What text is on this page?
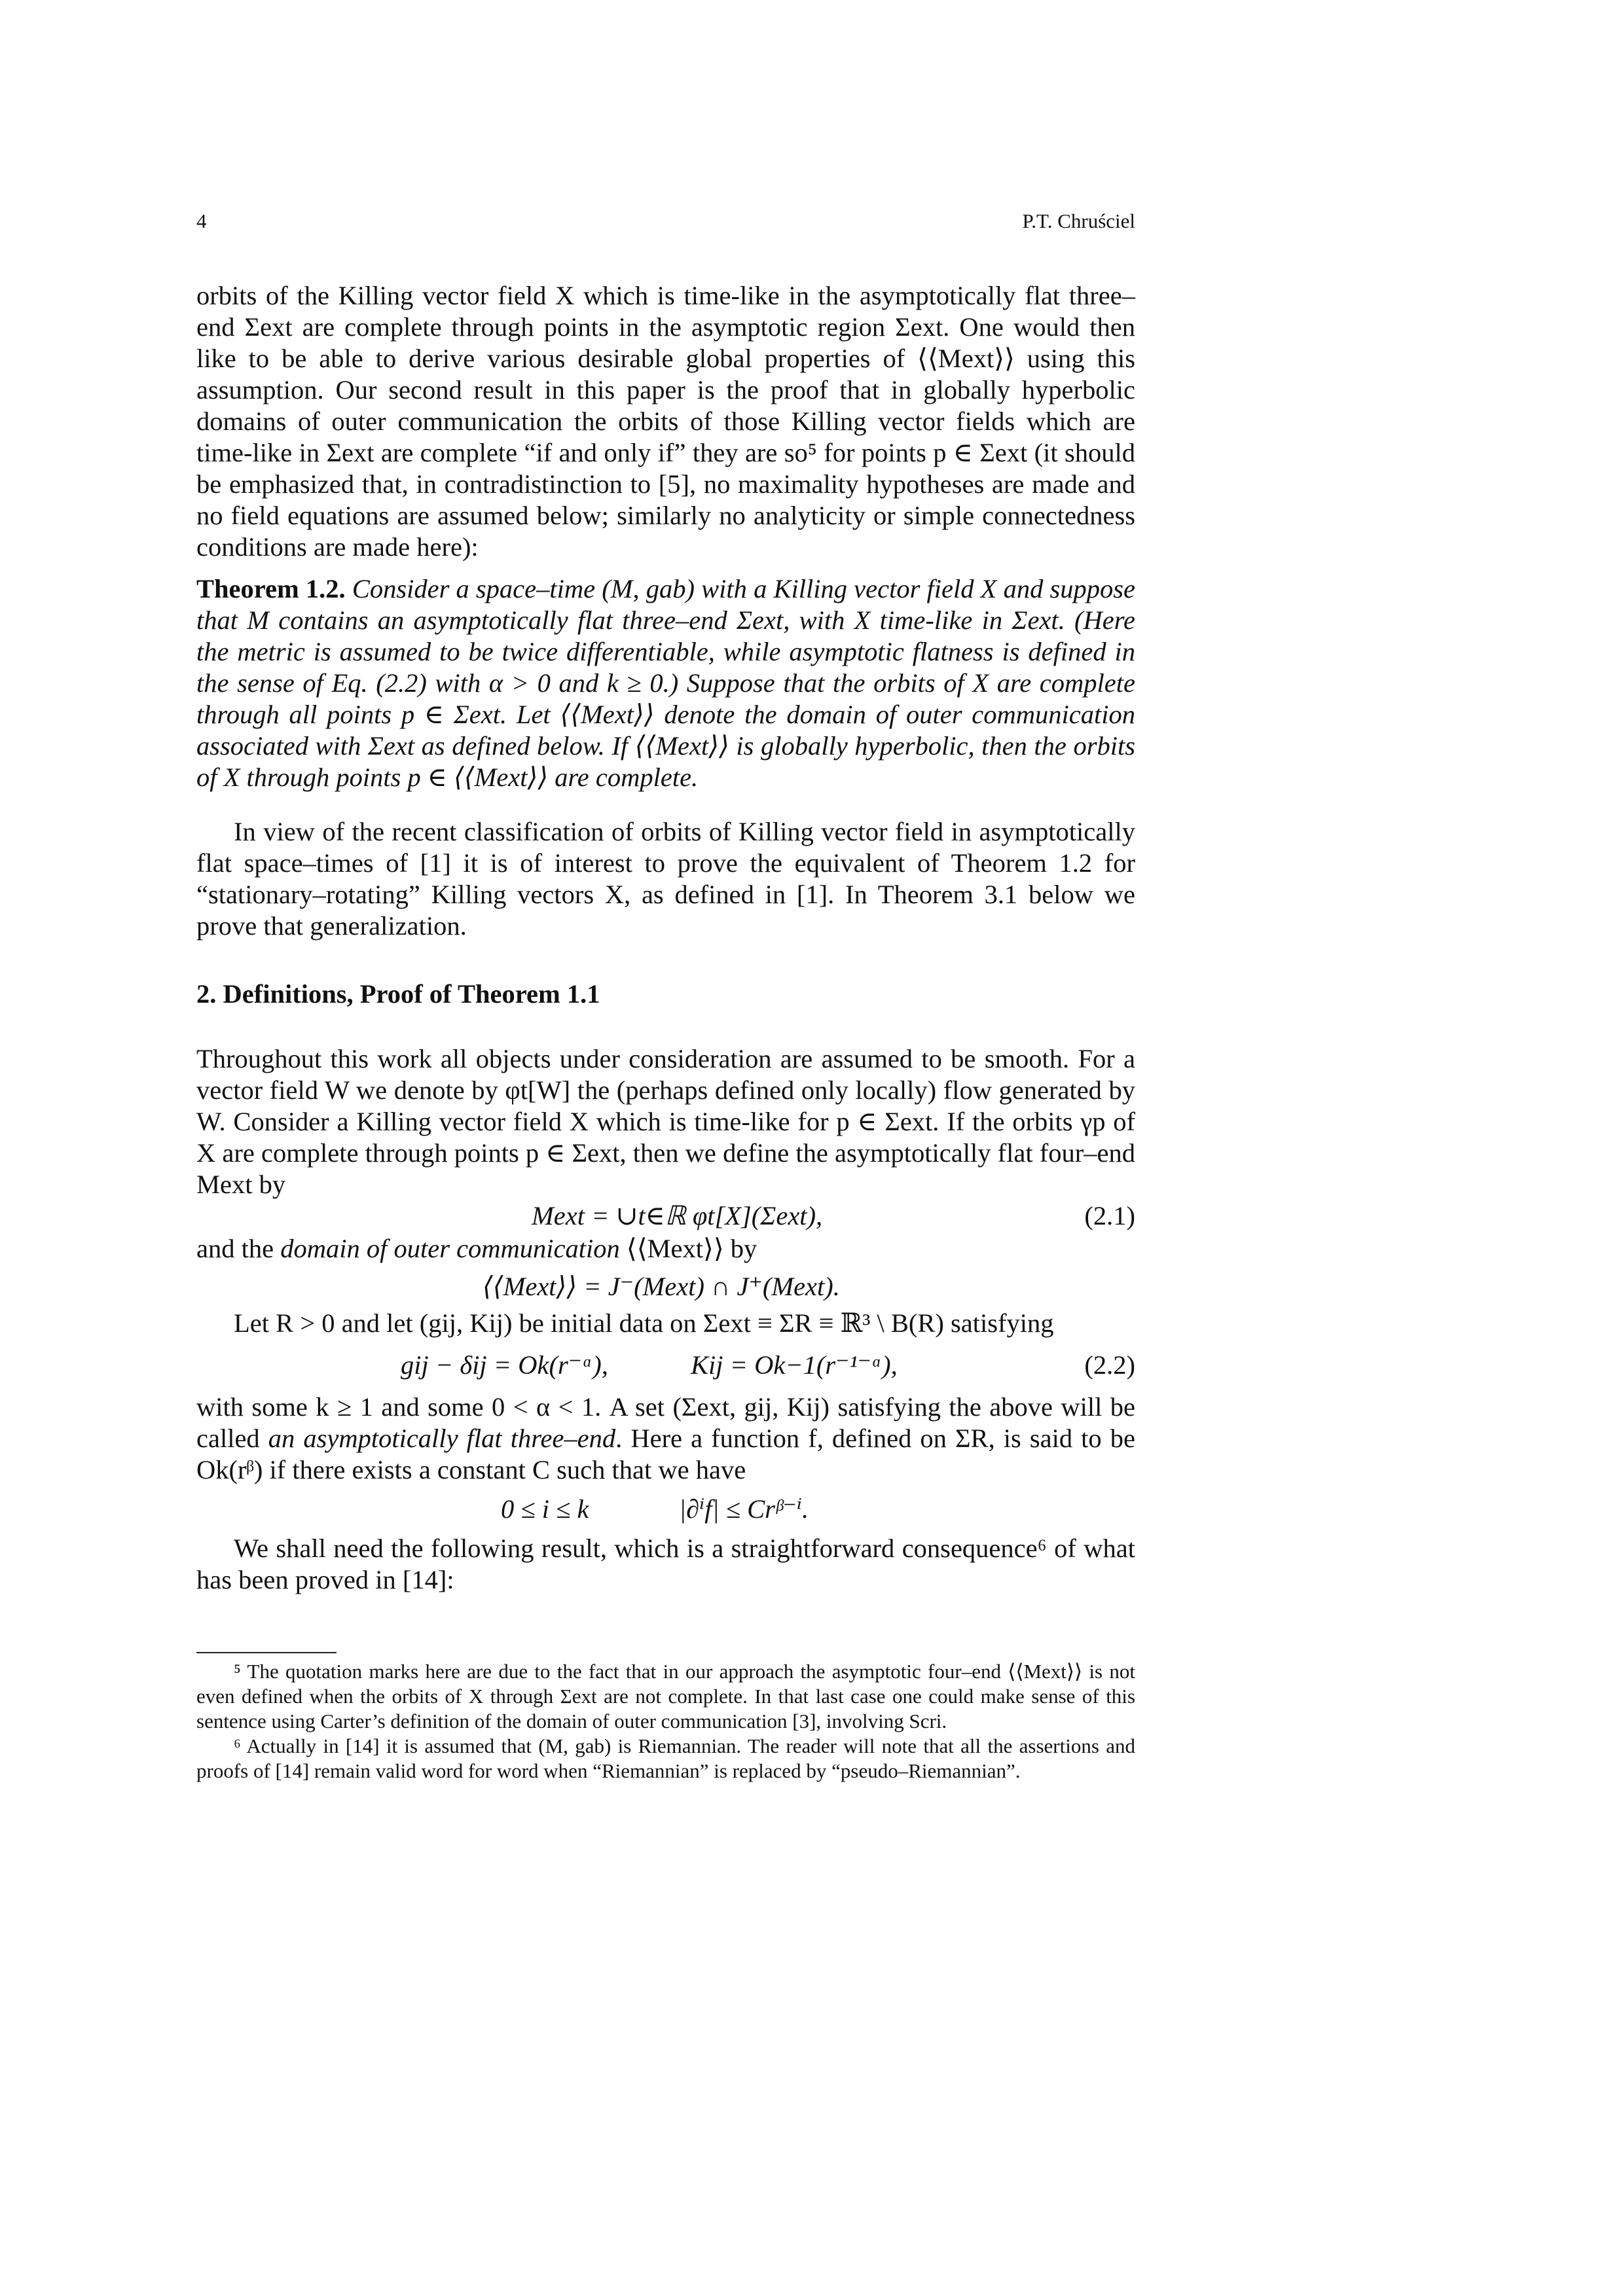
4	P.T. Chruściel

orbits of the Killing vector field X which is time-like in the asymptotically flat three–end Σext are complete through points in the asymptotic region Σext. One would then like to be able to derive various desirable global properties of ⟨⟨Mext⟩⟩ using this assumption. Our second result in this paper is the proof that in globally hyperbolic domains of outer communication the orbits of those Killing vector fields which are time-like in Σext are complete “if and only if” they are so⁵ for points p ∈ Σext (it should be emphasized that, in contradistinction to [5], no maximality hypotheses are made and no field equations are assumed below; similarly no analyticity or simple connectedness conditions are made here):

Theorem 1.2. Consider a space–time (M, gab) with a Killing vector field X and suppose that M contains an asymptotically flat three–end Σext, with X time-like in Σext. (Here the metric is assumed to be twice differentiable, while asymptotic flatness is defined in the sense of Eq. (2.2) with α > 0 and k ≥ 0.) Suppose that the orbits of X are complete through all points p ∈ Σext. Let ⟨⟨Mext⟩⟩ denote the domain of outer communication associated with Σext as defined below. If ⟨⟨Mext⟩⟩ is globally hyperbolic, then the orbits of X through points p ∈ ⟨⟨Mext⟩⟩ are complete.

In view of the recent classification of orbits of Killing vector field in asymptotically flat space–times of [1] it is of interest to prove the equivalent of Theorem 1.2 for “stationary–rotating” Killing vectors X, as defined in [1]. In Theorem 3.1 below we prove that generalization.

2. Definitions, Proof of Theorem 1.1

Throughout this work all objects under consideration are assumed to be smooth. For a vector field W we denote by φt[W] the (perhaps defined only locally) flow generated by W. Consider a Killing vector field X which is time-like for p ∈ Σext. If the orbits γp of X are complete through points p ∈ Σext, then we define the asymptotically flat four–end Mext by

Mext = ∪t∈ℝ φt[X](Σext),	(2.1)

and the domain of outer communication ⟨⟨Mext⟩⟩ by

⟨⟨Mext⟩⟩ = J⁻(Mext) ∩ J⁺(Mext).

Let R > 0 and let (gij, Kij) be initial data on Σext ≡ ΣR ≡ ℝ³ \ B(R) satisfying

gij − δij = Ok(r⁻ᵅ),	Kij = Ok−1(r⁻¹⁻ᵅ),	(2.2)

with some k ≥ 1 and some 0 < α < 1. A set (Σext, gij, Kij) satisfying the above will be called an asymptotically flat three–end. Here a function f, defined on ΣR, is said to be Ok(rᵝ) if there exists a constant C such that we have

0 ≤ i ≤ k	|∂ⁱf| ≤ Crᵝ⁻ⁱ.

We shall need the following result, which is a straightforward consequence⁶ of what has been proved in [14]:

⁵ The quotation marks here are due to the fact that in our approach the asymptotic four–end ⟨⟨Mext⟩⟩ is not even defined when the orbits of X through Σext are not complete. In that last case one could make sense of this sentence using Carter’s definition of the domain of outer communication [3], involving Scri.

⁶ Actually in [14] it is assumed that (M, gab) is Riemannian. The reader will note that all the assertions and proofs of [14] remain valid word for word when “Riemannian” is replaced by “pseudo–Riemannian”.
